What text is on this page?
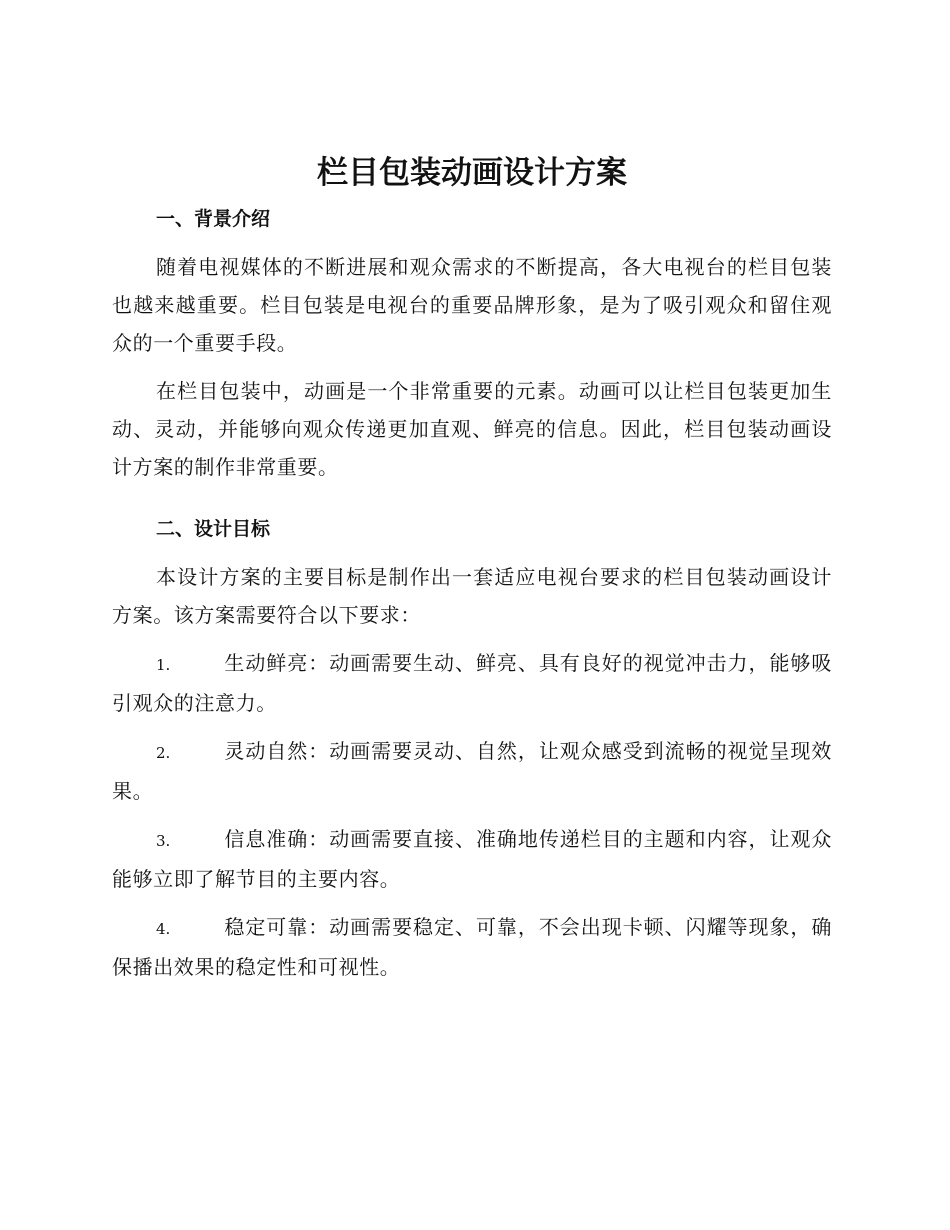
栏目包装动画设计方案
一、背景介绍

随着电视媒体的不断进展和观众需求的不断提高，各大电视台的栏目包装也越来越重要。栏目包装是电视台的重要品牌形象，是为了吸引观众和留住观众的一个重要手段。

在栏目包装中，动画是一个非常重要的元素。动画可以让栏目包装更加生动、灵动，并能够向观众传递更加直观、鲜亮的信息。因此，栏目包装动画设计方案的制作非常重要。

二、设计目标

本设计方案的主要目标是制作出一套适应电视台要求的栏目包装动画设计方案。该方案需要符合以下要求：

1.	生动鲜亮：动画需要生动、鲜亮、具有良好的视觉冲击力，能够吸引观众的注意力。
2.	灵动自然：动画需要灵动、自然，让观众感受到流畅的视觉呈现效果。
3.	信息准确：动画需要直接、准确地传递栏目的主题和内容，让观众能够立即了解节目的主要内容。
4.	稳定可靠：动画需要稳定、可靠，不会出现卡顿、闪耀等现象，确保播出效果的稳定性和可视性。
